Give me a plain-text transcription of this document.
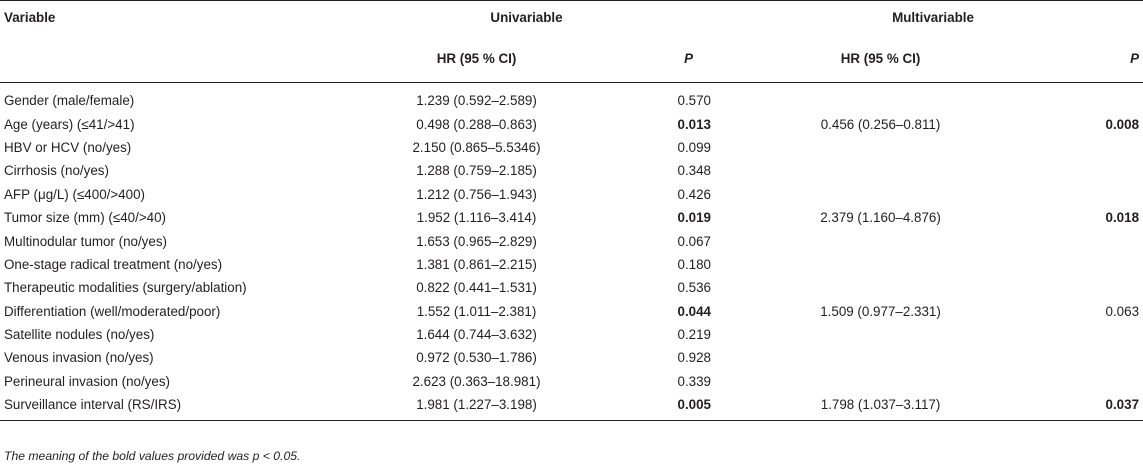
Variable	Univariable		Multivariable	
	HR (95 % CI)	P	HR (95 % CI)	P
Gender (male/female)	1.239 (0.592–2.589)	0.570		
Age (years) (≤41/>41)	0.498 (0.288–0.863)	0.013	0.456 (0.256–0.811)	0.008
HBV or HCV (no/yes)	2.150 (0.865–5.5346)	0.099		
Cirrhosis (no/yes)	1.288 (0.759–2.185)	0.348		
AFP (μg/L) (≤400/>400)	1.212 (0.756–1.943)	0.426		
Tumor size (mm) (≤40/>40)	1.952 (1.116–3.414)	0.019	2.379 (1.160–4.876)	0.018
Multinodular tumor (no/yes)	1.653 (0.965–2.829)	0.067		
One-stage radical treatment (no/yes)	1.381 (0.861–2.215)	0.180		
Therapeutic modalities (surgery/ablation)	0.822 (0.441–1.531)	0.536		
Differentiation (well/moderated/poor)	1.552 (1.011–2.381)	0.044	1.509 (0.977–2.331)	0.063
Satellite nodules (no/yes)	1.644 (0.744–3.632)	0.219		
Venous invasion (no/yes)	0.972 (0.530–1.786)	0.928		
Perineural invasion (no/yes)	2.623 (0.363–18.981)	0.339		
Surveillance interval (RS/IRS)	1.981 (1.227–3.198)	0.005	1.798 (1.037–3.117)	0.037
The meaning of the bold values provided was p < 0.05.
